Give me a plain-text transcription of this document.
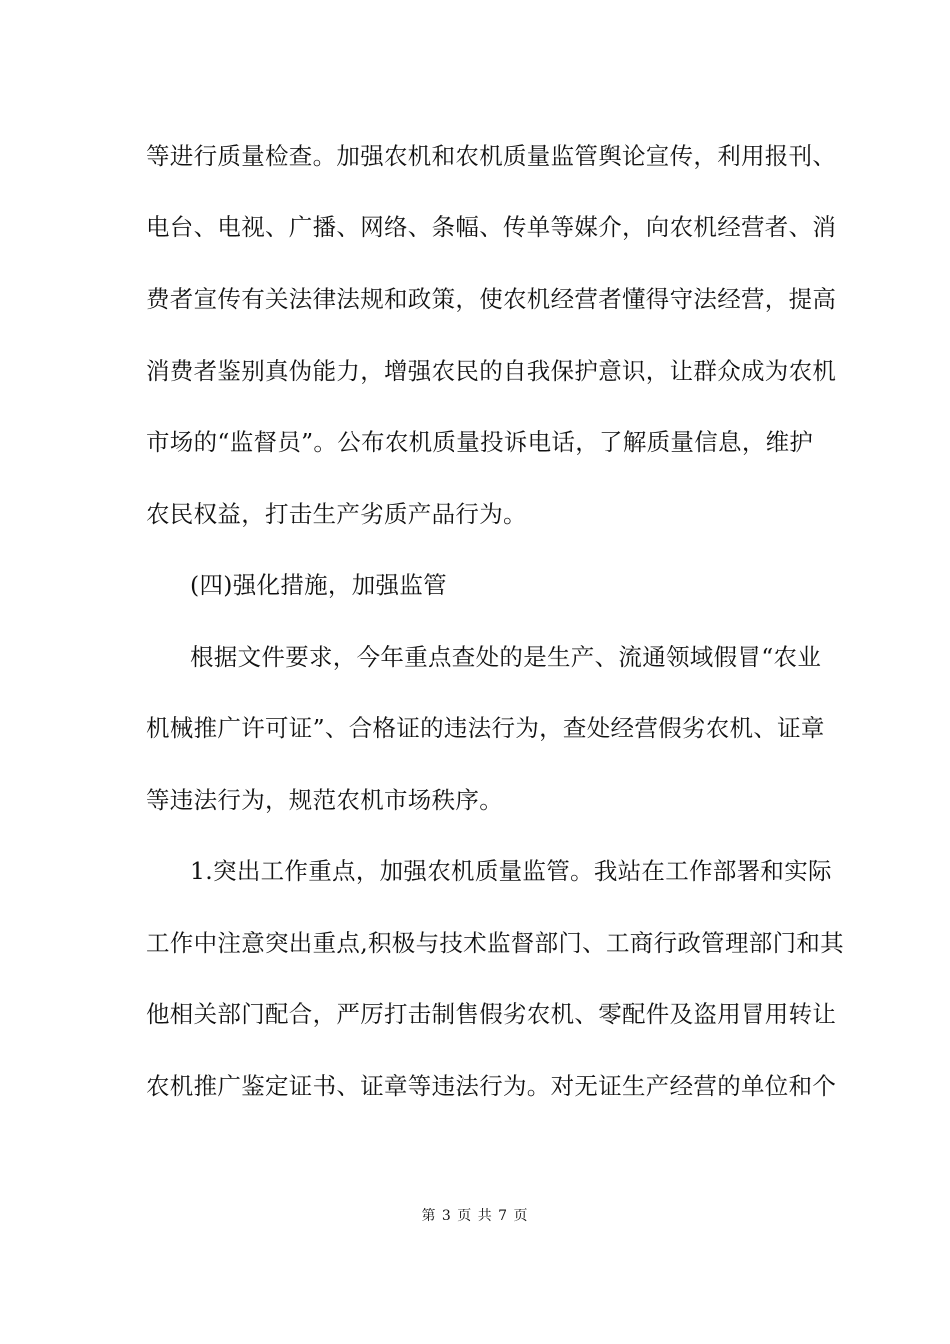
等进行质量检查。加强农机和农机质量监管舆论宣传，利用报刊、
电台、电视、广播、网络、条幅、传单等媒介，向农机经营者、消
费者宣传有关法律法规和政策，使农机经营者懂得守法经营，提高
消费者鉴别真伪能力，增强农民的自我保护意识，让群众成为农机
市场的“监督员”。公布农机质量投诉电话，了解质量信息，维护
农民权益，打击生产劣质产品行为。
(四)强化措施，加强监管
根据文件要求，今年重点查处的是生产、流通领域假冒“农业
机械推广许可证”、合格证的违法行为，查处经营假劣农机、证章
等违法行为，规范农机市场秩序。
1.突出工作重点，加强农机质量监管。我站在工作部署和实际
工作中注意突出重点,积极与技术监督部门、工商行政管理部门和其
他相关部门配合，严厉打击制售假劣农机、零配件及盗用冒用转让
农机推广鉴定证书、证章等违法行为。对无证生产经营的单位和个
第 3 页 共 7 页
